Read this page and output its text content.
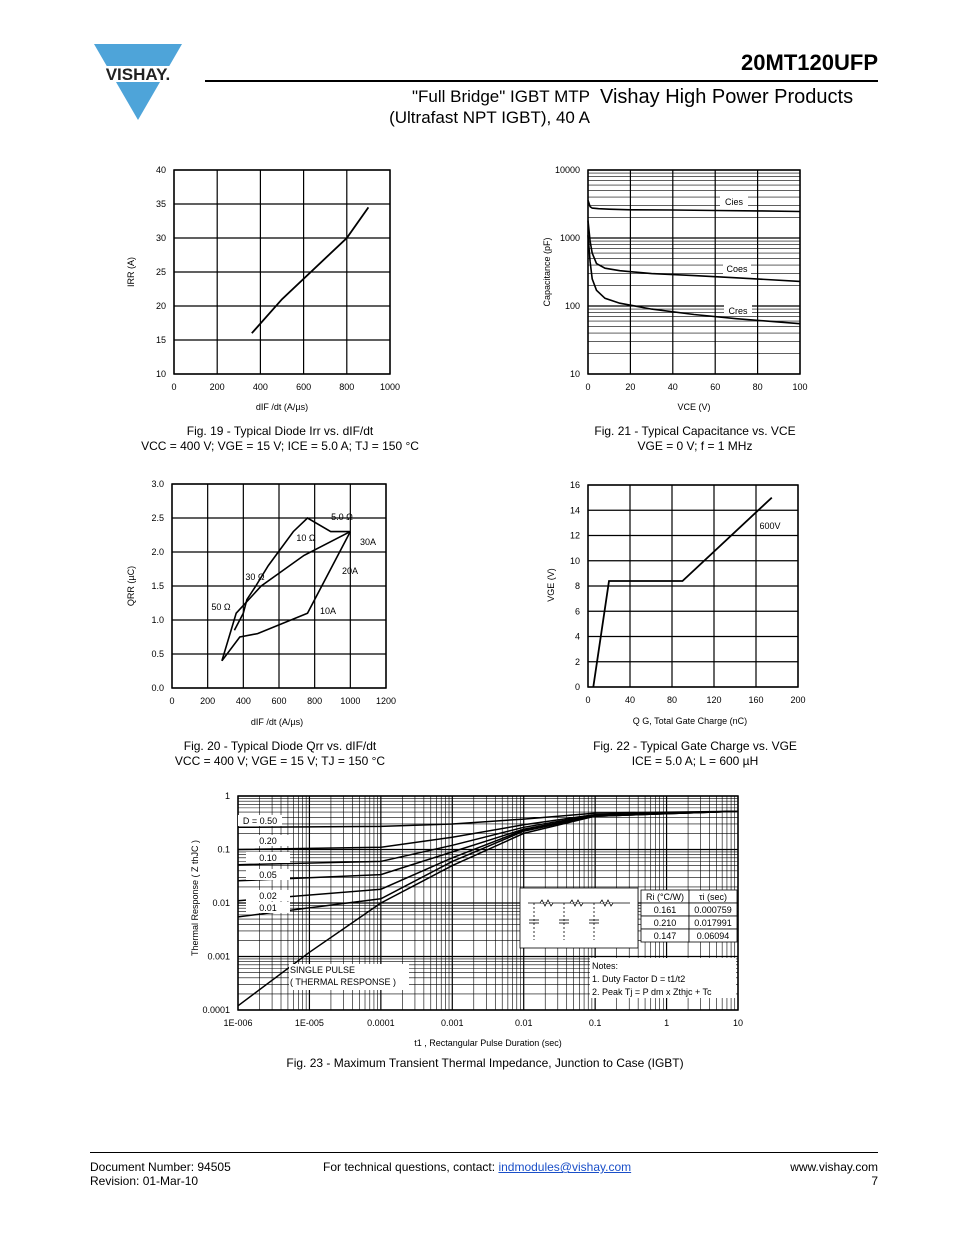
VISHAY.	20MT120UFP
"Full Bridge" IGBT MTP
(Ultrafast NPT IGBT), 40 A
Vishay High Power Products
0	200	400	600	800	1000
10
15
20
25
30
35
40
dIF /dt (A/µs)
IRR (A)
0	200 400 600 800 1000 1200
0.0
0.5
1.0
1.5
2.0
2.5
3.0
50 Ω
30 Ω
10 Ω
5.0 Ω
30A
20A
10A
dIF /dt (A/µs)
QRR (µC)
0	20	40	60	80	100
10
100
1000
10000
Cies
Coes
Cres
VCE (V)
Capacitance (pF)
0	40	80	120	160	200
0
2
4
6
8
10
12
14
16
600V
Q G, Total Gate Charge (nC)
VGE (V)
1E-006	1E-005	0.0001	0.001	0.01	0.1	1	10
0.0001
0.001
0.01
0.1
1
D = 0.50
0.20
0.10
0.05
0.02
0.01
SINGLE PULSE
( THERMAL RESPONSE )
Ri (°C/W) τi (sec)
0.161 0.000759
0.210 0.017991
0.147 0.06094
Notes:
1. Duty Factor D = t1/t2
2. Peak Tj = P dm x Zthjc + Tc
t1 , Rectangular Pulse Duration (sec)
Thermal Response ( Z thJC )
Fig. 19 - Typical Diode Irr vs. dIF/dt
VCC = 400 V; VGE = 15 V; ICE = 5.0 A; TJ = 150 °C
Fig. 21 - Typical Capacitance vs. VCE
VGE = 0 V; f = 1 MHz
Fig. 20 - Typical Diode Qrr vs. dIF/dt
VCC = 400 V; VGE = 15 V; TJ = 150 °C
Fig. 22 - Typical Gate Charge vs. VGE
ICE = 5.0 A; L = 600 µH
Fig. 23 - Maximum Transient Thermal Impedance, Junction to Case (IGBT)
Document Number: 94505
Revision: 01-Mar-10
For technical questions, contact: indmodules@vishay.com	www.vishay.com
7
